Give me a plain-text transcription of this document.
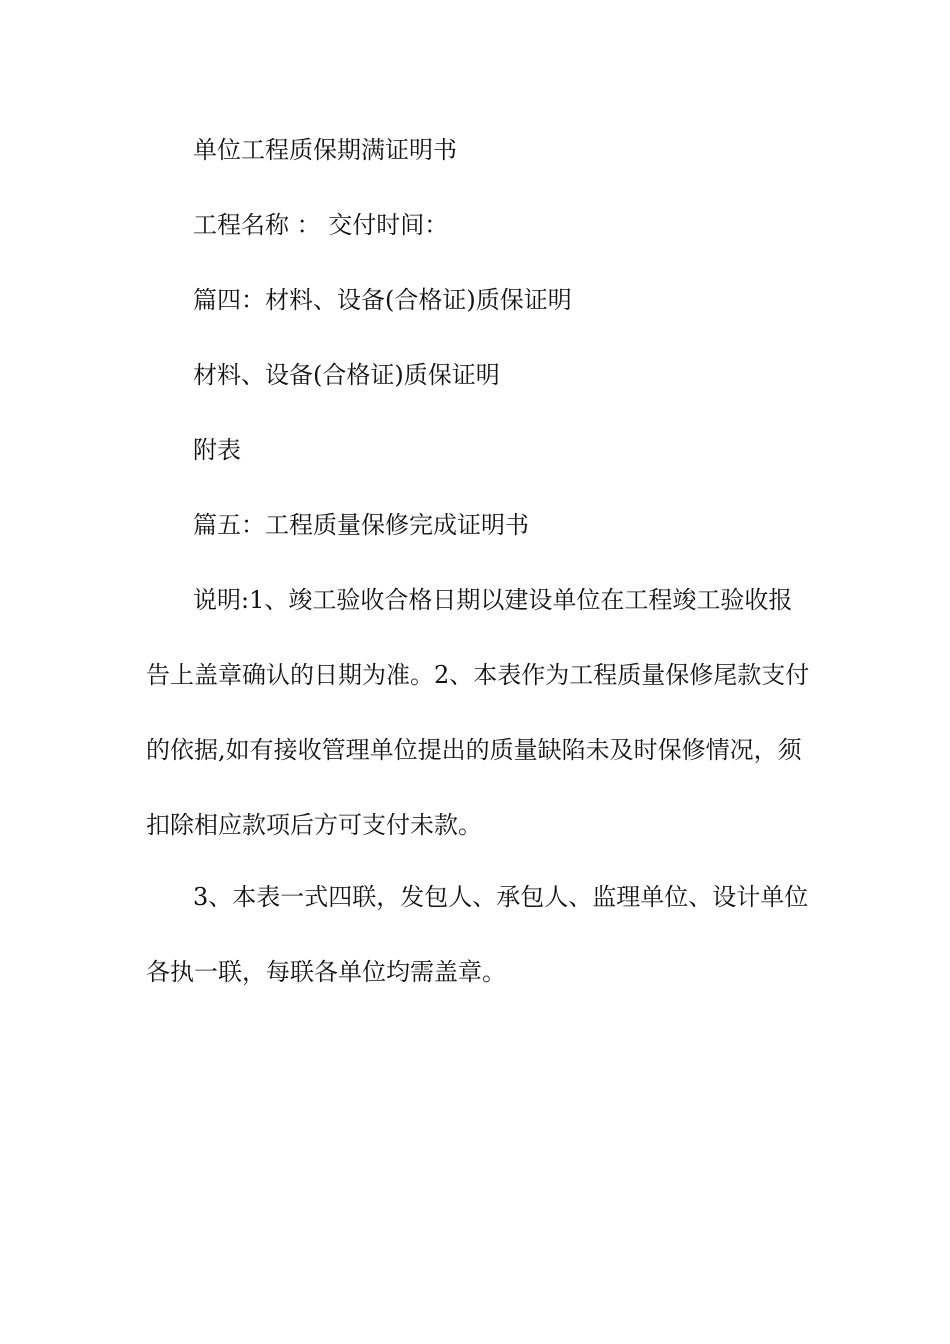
单位工程质保期满证明书
工程名称 ： 交付时间：
篇四：材料、设备(合格证)质保证明
材料、设备(合格证)质保证明
附表
篇五：工程质量保修完成证明书
说明:1、竣工验收合格日期以建设单位在工程竣工验收报
告上盖章确认的日期为准。2、本表作为工程质量保修尾款支付
的依据,如有接收管理单位提出的质量缺陷未及时保修情况，须
扣除相应款项后方可支付未款。
3、本表一式四联，发包人、承包人、监理单位、设计单位
各执一联，每联各单位均需盖章。
